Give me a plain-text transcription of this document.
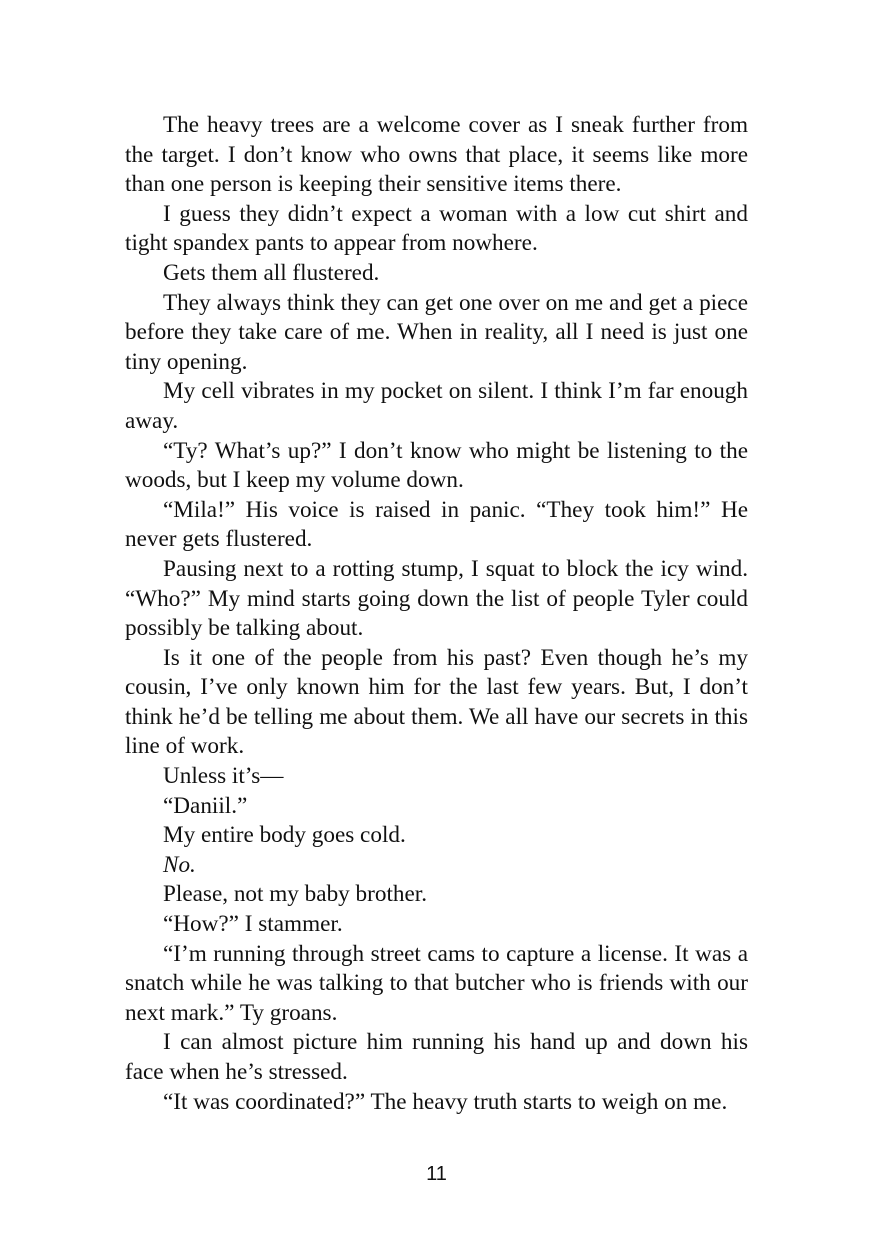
The heavy trees are a welcome cover as I sneak further from the target. I don’t know who owns that place, it seems like more than one person is keeping their sensitive items there.

I guess they didn’t expect a woman with a low cut shirt and tight spandex pants to appear from nowhere.

Gets them all flustered.

They always think they can get one over on me and get a piece before they take care of me. When in reality, all I need is just one tiny opening.

My cell vibrates in my pocket on silent. I think I’m far enough away.

“Ty? What’s up?” I don’t know who might be listening to the woods, but I keep my volume down.

“Mila!” His voice is raised in panic. “They took him!” He never gets flustered.

Pausing next to a rotting stump, I squat to block the icy wind. “Who?” My mind starts going down the list of people Tyler could possibly be talking about.

Is it one of the people from his past? Even though he’s my cousin, I’ve only known him for the last few years. But, I don’t think he’d be telling me about them. We all have our secrets in this line of work.

Unless it’s—

“Daniil.”

My entire body goes cold.

No.

Please, not my baby brother.

“How?” I stammer.

“I’m running through street cams to capture a license. It was a snatch while he was talking to that butcher who is friends with our next mark.” Ty groans.

I can almost picture him running his hand up and down his face when he’s stressed.

“It was coordinated?” The heavy truth starts to weigh on me.

11
